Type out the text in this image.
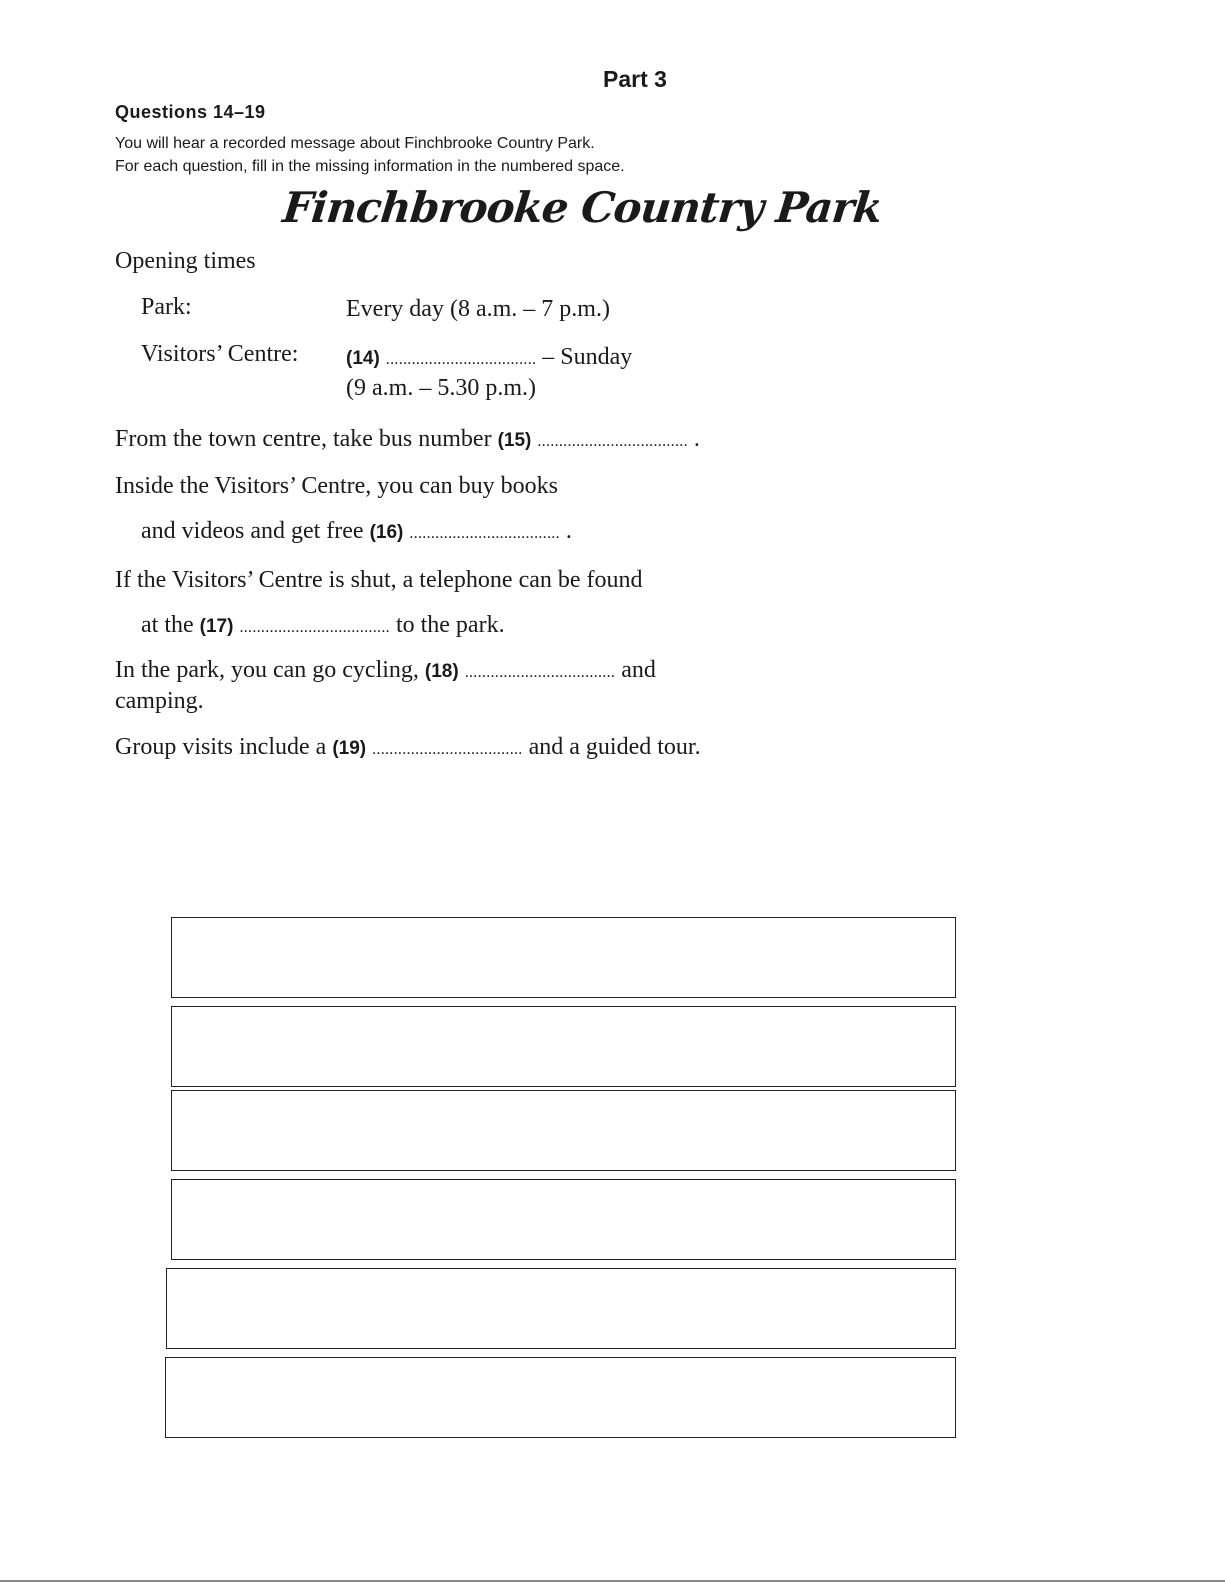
Part 3
Questions 14–19
You will hear a recorded message about Finchbrooke Country Park.
For each question, fill in the missing information in the numbered space.
Finchbrooke Country Park
Opening times
Park:	Every day (8 a.m. – 7 p.m.)
Visitors’ Centre:	(14) ................................... – Sunday
(9 a.m. – 5.30 p.m.)
From the town centre, take bus number (15) ................................... .
Inside the Visitors’ Centre, you can buy books
and videos and get free (16) ................................... .
If the Visitors’ Centre is shut, a telephone can be found
at the (17) ................................... to the park.
In the park, you can go cycling, (18) ................................... and
camping.
Group visits include a (19) ................................... and a guided tour.
